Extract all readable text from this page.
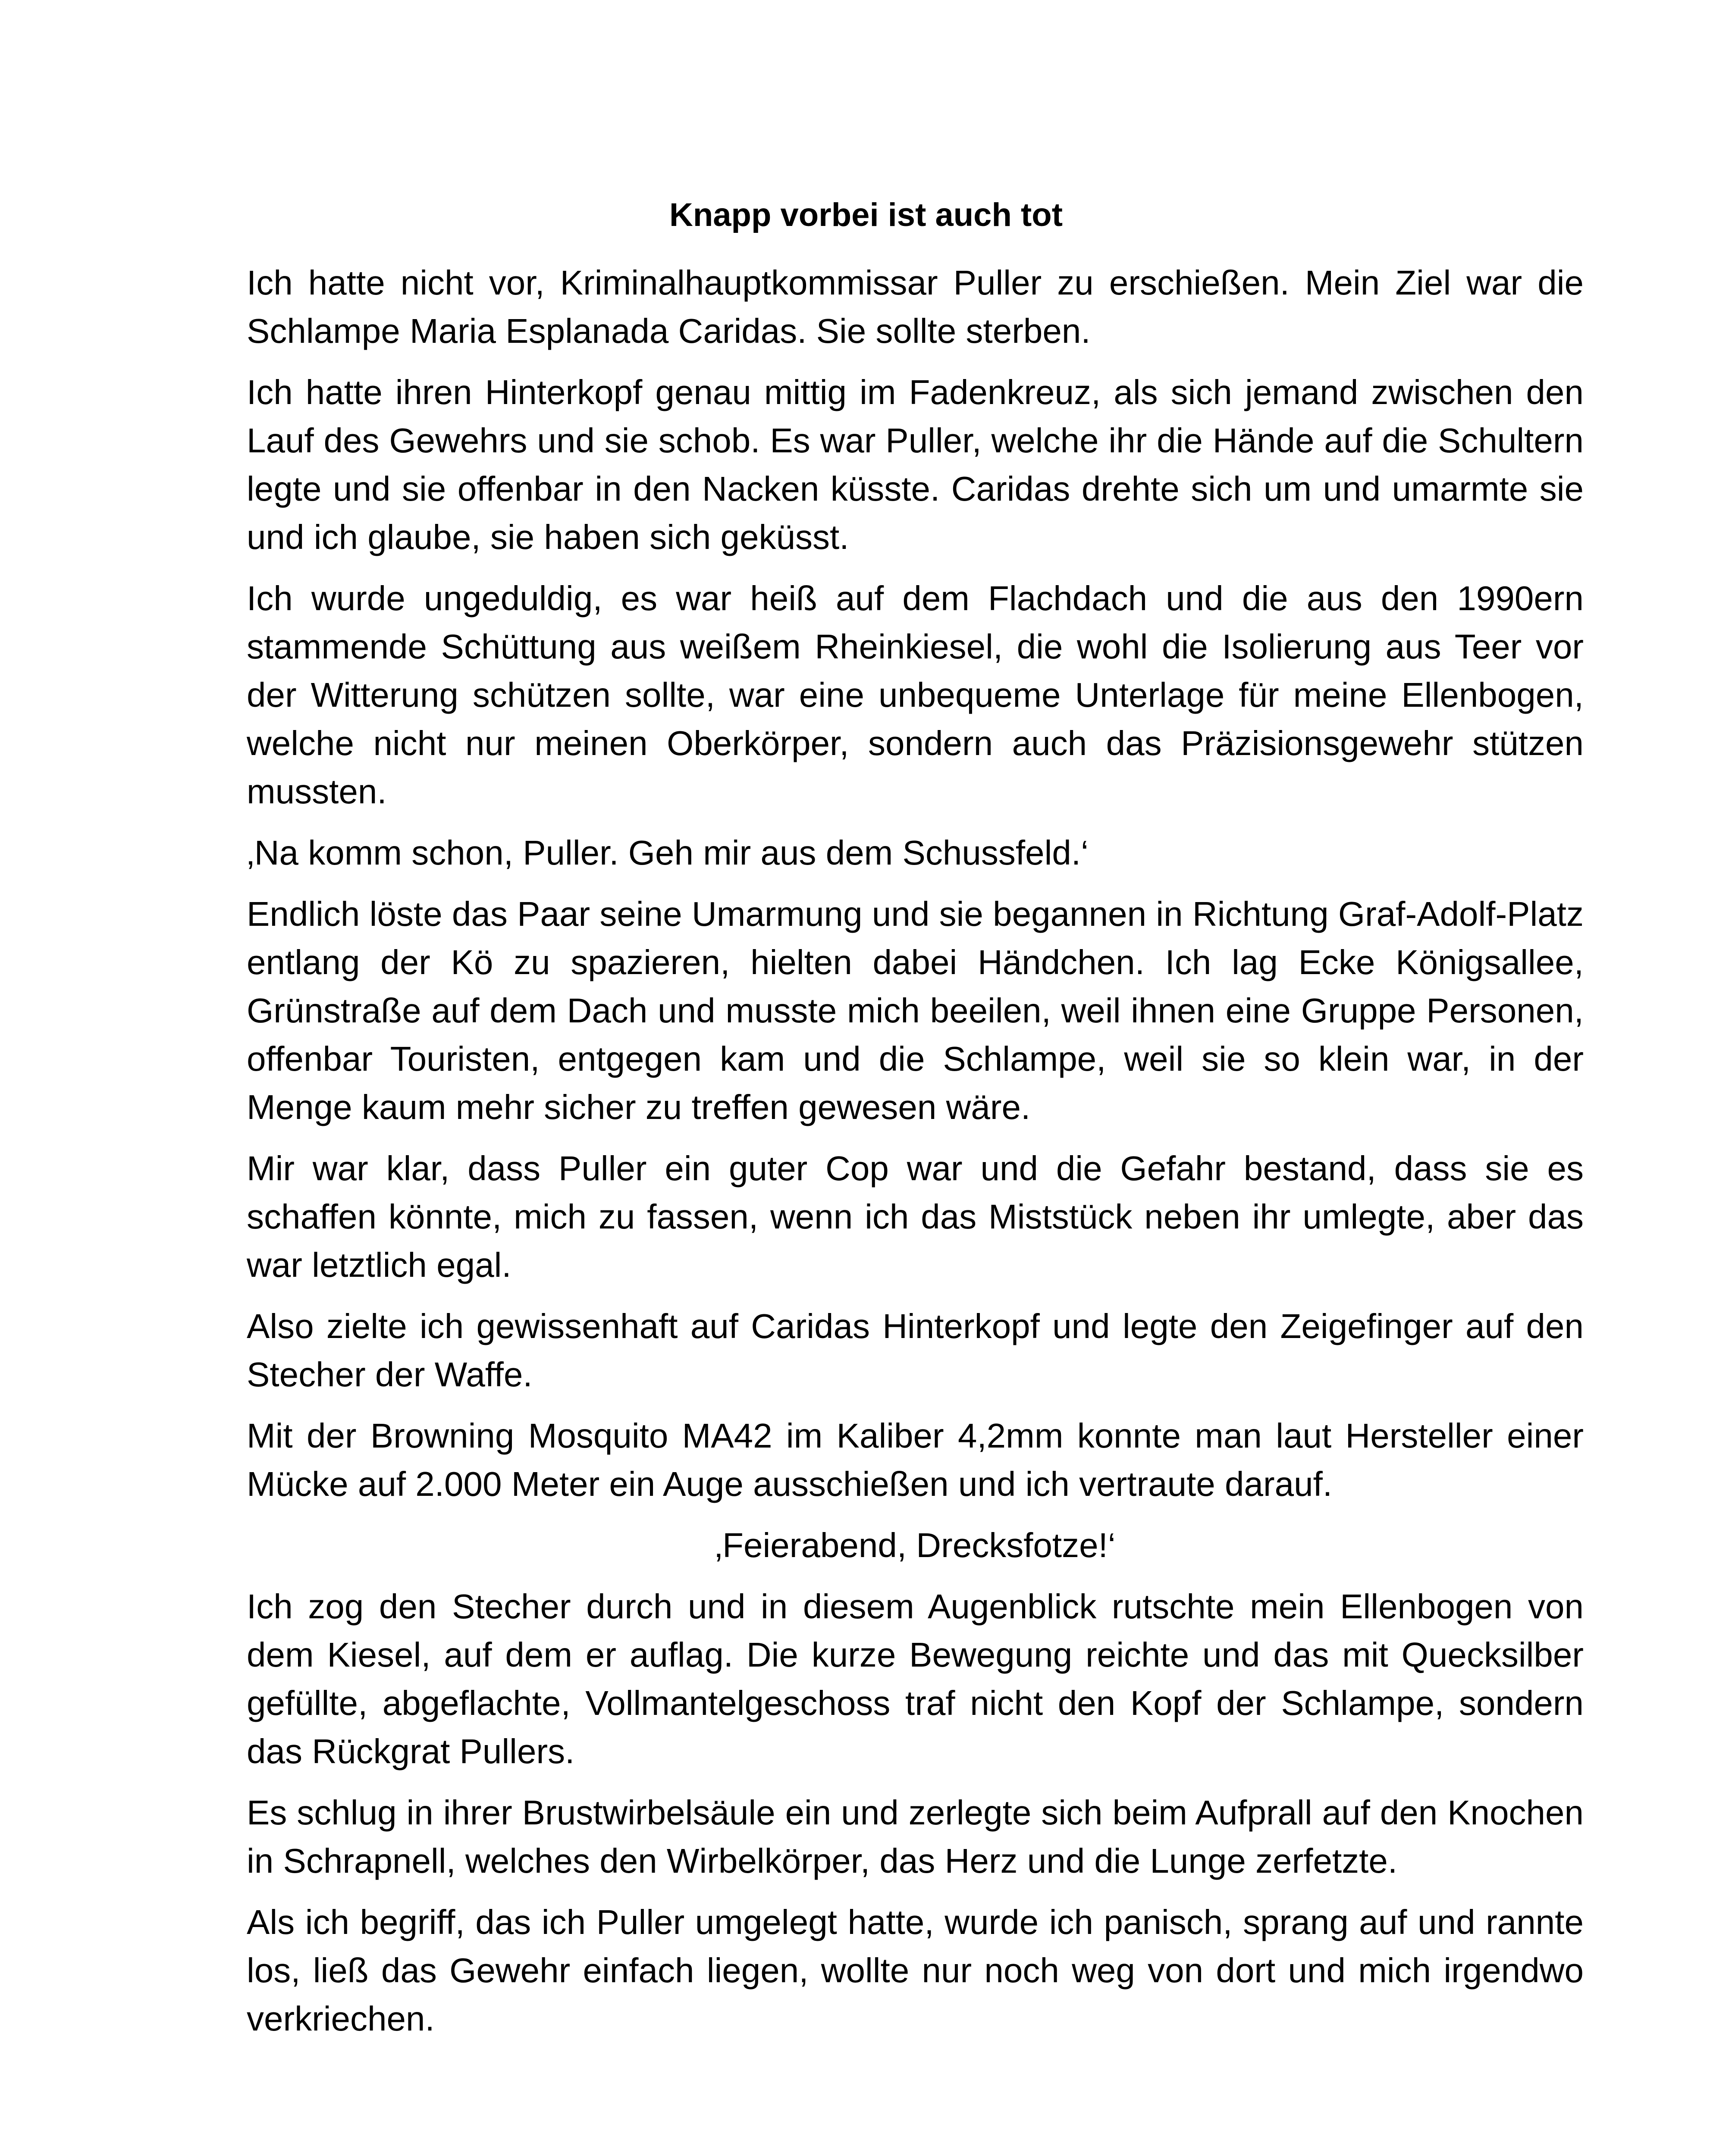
Knapp vorbei ist auch tot

Ich hatte nicht vor, Kriminalhauptkommissar Puller zu erschießen. Mein Ziel war die Schlampe Maria Esplanada Caridas. Sie sollte sterben.

Ich hatte ihren Hinterkopf genau mittig im Fadenkreuz, als sich jemand zwischen den Lauf des Gewehrs und sie schob. Es war Puller, welche ihr die Hände auf die Schultern legte und sie offenbar in den Nacken küsste. Caridas drehte sich um und umarmte sie und ich glaube, sie haben sich geküsst.

Ich wurde ungeduldig, es war heiß auf dem Flachdach und die aus den 1990ern stammende Schüttung aus weißem Rheinkiesel, die wohl die Isolierung aus Teer vor der Witterung schützen sollte, war eine unbequeme Unterlage für meine Ellenbogen, welche nicht nur meinen Oberkörper, sondern auch das Präzisionsgewehr stützen mussten.

‚Na komm schon, Puller. Geh mir aus dem Schussfeld.‘

Endlich löste das Paar seine Umarmung und sie begannen in Richtung Graf-Adolf-Platz entlang der Kö zu spazieren, hielten dabei Händchen. Ich lag Ecke Königsallee, Grünstraße auf dem Dach und musste mich beeilen, weil ihnen eine Gruppe Personen, offenbar Touristen, entgegen kam und die Schlampe, weil sie so klein war, in der Menge kaum mehr sicher zu treffen gewesen wäre.

Mir war klar, dass Puller ein guter Cop war und die Gefahr bestand, dass sie es schaffen könnte, mich zu fassen, wenn ich das Miststück neben ihr umlegte, aber das war letztlich egal.

Also zielte ich gewissenhaft auf Caridas Hinterkopf und legte den Zeigefinger auf den Stecher der Waffe.

Mit der Browning Mosquito MA42 im Kaliber 4,2mm konnte man laut Hersteller einer Mücke auf 2.000 Meter ein Auge ausschießen und ich vertraute darauf.

‚Feierabend, Drecksfotze!‘

Ich zog den Stecher durch und in diesem Augenblick rutschte mein Ellenbogen von dem Kiesel, auf dem er auflag. Die kurze Bewegung reichte und das mit Quecksilber gefüllte, abgeflachte, Vollmantelgeschoss traf nicht den Kopf der Schlampe, sondern das Rückgrat Pullers.

Es schlug in ihrer Brustwirbelsäule ein und zerlegte sich beim Aufprall auf den Knochen in Schrapnell, welches den Wirbelkörper, das Herz und die Lunge zerfetzte.

Als ich begriff, das ich Puller umgelegt hatte, wurde ich panisch, sprang auf und rannte los, ließ das Gewehr einfach liegen, wollte nur noch weg von dort und mich irgendwo verkriechen.
